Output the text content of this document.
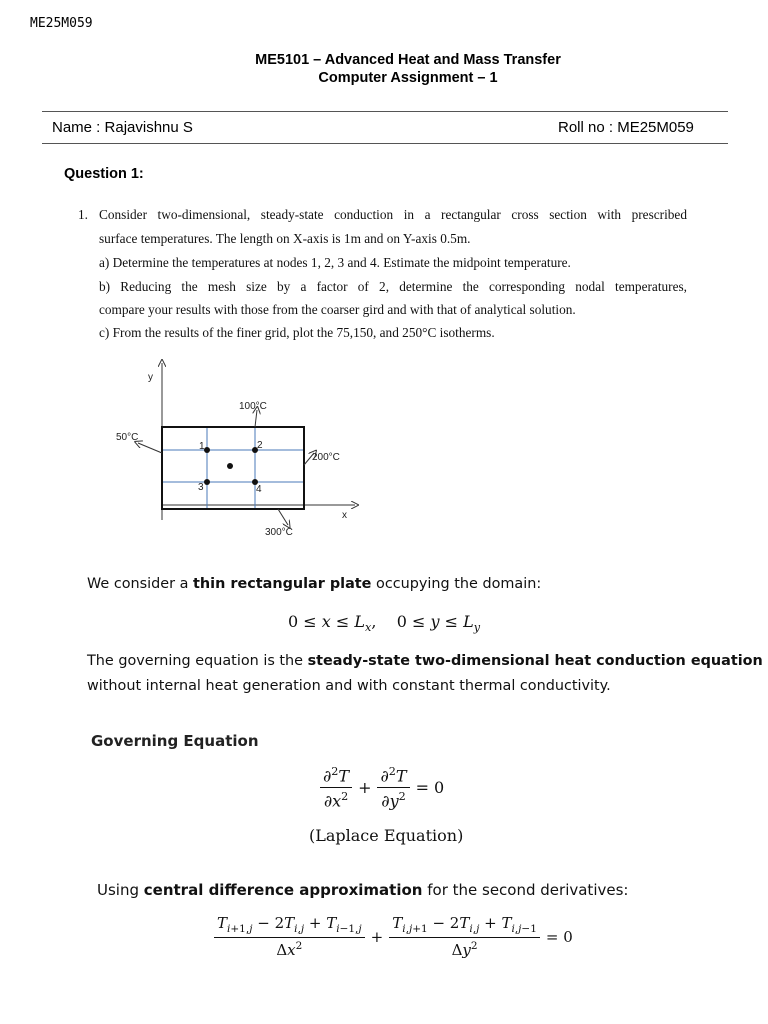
ME25M059
ME5101 – Advanced Heat and Mass Transfer
Computer Assignment – 1
Name : Rajavishnu S	Roll no : ME25M059
Question 1:
1. Consider two-dimensional, steady-state conduction in a rectangular cross section with prescribed
surface temperatures. The length on X-axis is 1m and on Y-axis 0.5m.
a) Determine the temperatures at nodes 1, 2, 3 and 4. Estimate the midpoint temperature.
b) Reducing the mesh size by a factor of 2, determine the corresponding nodal temperatures,
compare your results with those from the coarser gird and with that of analytical solution.
c) From the results of the finer grid, plot the 75,150, and 250°C isotherms.
y
x
1	2
3	4
100°C
50°C
200°C
300°C
We consider a thin rectangular plate occupying the domain:
$0 \le x \le L_x$,    $0 \le y \le L_y$
The governing equation is the steady-state two-dimensional heat conduction equation
without internal heat generation and with constant thermal conductivity.
Governing Equation
$\frac{\partial^2T}{\partial x^2} + \frac{\partial^2T}{\partial y^2} = 0$
(Laplace Equation)
Using central difference approximation for the second derivatives:
$\frac{T_{i+1,j} - 2T_{i,j} + T_{i-1,j}}{\Delta x^2} + \frac{T_{i,j+1} - 2T_{i,j} + T_{i,j-1}}{\Delta y^2} = 0$
